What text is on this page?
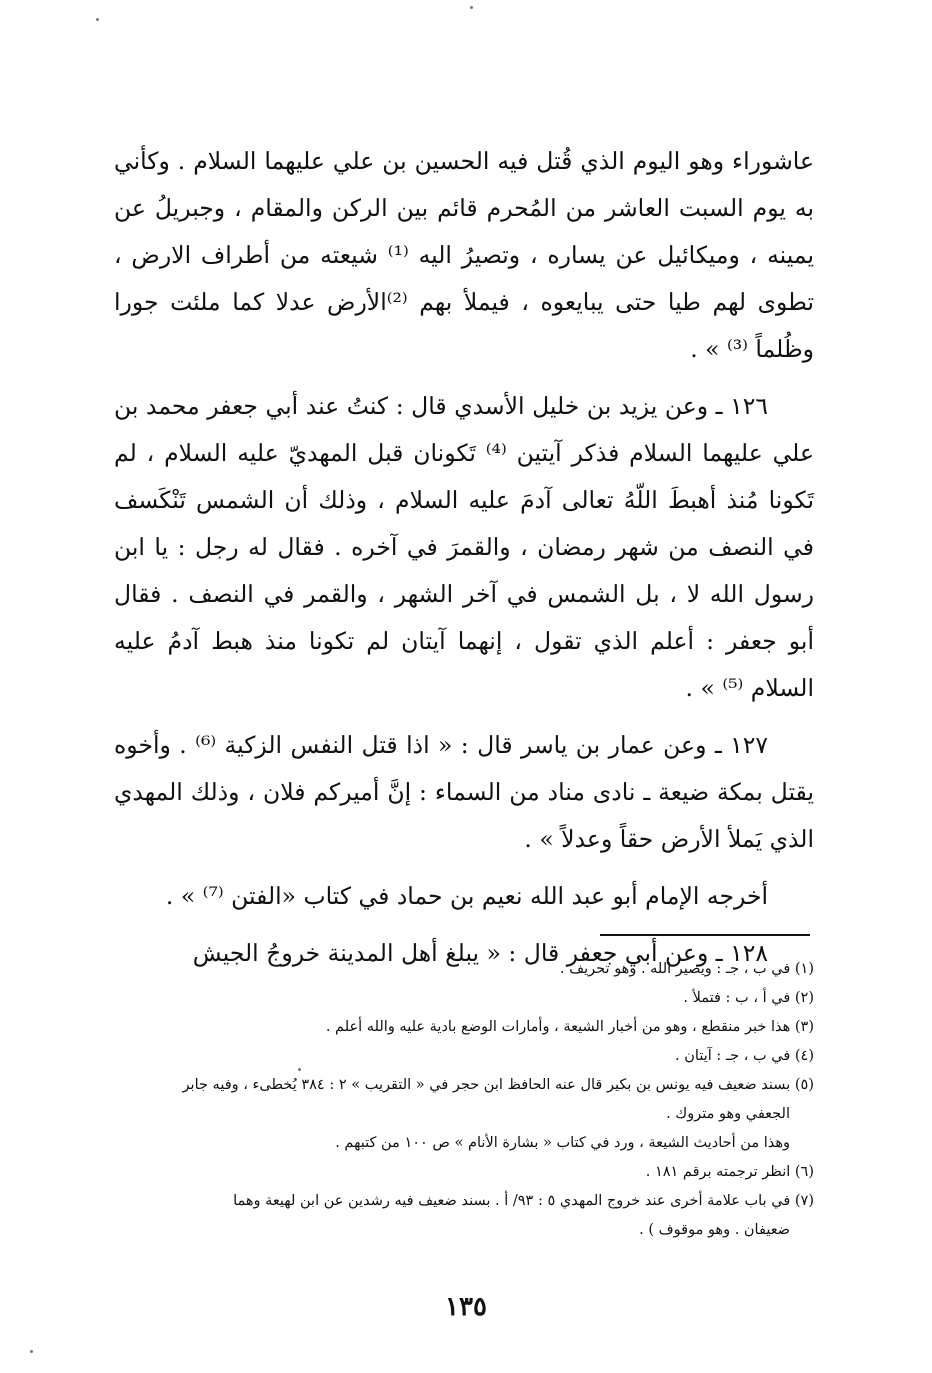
عاشوراء وهو اليوم الذي قُتل فيه الحسين بن علي عليهما السلام . وكأني به يوم السبت العاشر من المُحرم قائم بين الركن والمقام ، وجبريلُ عن يمينه ، وميكائيل عن يساره ، وتصيرُ اليه ⁽¹⁾ شيعته من أطراف الارض ، تطوى لهم طيا حتى يبايعوه ، فيملأ بهم ⁽²⁾الأرض عدلا كما ملئت جورا وظُلماً ⁽³⁾ » .

١٢٦ ـ وعن يزيد بن خليل الأسدي قال : كنتُ عند أبي جعفر محمد بن علي عليهما السلام فذكر آيتين ⁽⁴⁾ تَكونان قبل المهديّ عليه السلام ، لم تَكونا مُنذ أهبطَ اللّهُ تعالى آدمَ عليه السلام ، وذلك أن الشمس تَنْكَسف في النصف من شهر رمضان ، والقمرَ في آخره . فقال له رجل : يا ابن رسول الله لا ، بل الشمس في آخر الشهر ، والقمر في النصف . فقال أبو جعفر : أعلم الذي تقول ، إنهما آيتان لم تكونا منذ هبط آدمُ عليه السلام ⁽⁵⁾ » .

١٢٧ ـ وعن عمار بن ياسر قال : « اذا قتل النفس الزكية ⁽⁶⁾ . وأخوه يقتل بمكة ضيعة ـ نادى مناد من السماء : إنَّ أميركم فلان ، وذلك المهدي الذي يَملأ الأرض حقاً وعدلاً » .

أخرجه الإمام أبو عبد الله نعيم بن حماد في كتاب «الفتن ⁽⁷⁾ » .

١٢٨ ـ وعن أبي جعفر قال : « يبلغ أهل المدينة خروجُ الجيش

(١) في ب ، جـ : ويصير الله . وهو تحريف .
(٢) في أ ، ب : فتملأ .
(٣) هذا خبر منقطع ، وهو من أخبار الشيعة ، وأمارات الوضع بادية عليه والله أعلم .
(٤) في ب ، جـ : آيتان .
(٥) بسند ضعيف فيه يونس بن بكير قال عنه الحافظ ابن حجر في « التقريب » ٢ : ٣٨٤ يُخطىء ، وفيه جابر
الجعفي وهو متروك .
وهذا من أحاديث الشيعة ، ورد في كتاب « بشارة الأنام » ص ١٠٠ من كتبهم .
(٦) انظر ترجمته برقم ١٨١ .
(٧) في باب علامة أخرى عند خروج المهدي ٥ : ٩٣/ أ . بسند ضعيف فيه رشدين عن ابن لهيعة وهما
ضعيفان . وهو موقوف ) .
١٣٥
